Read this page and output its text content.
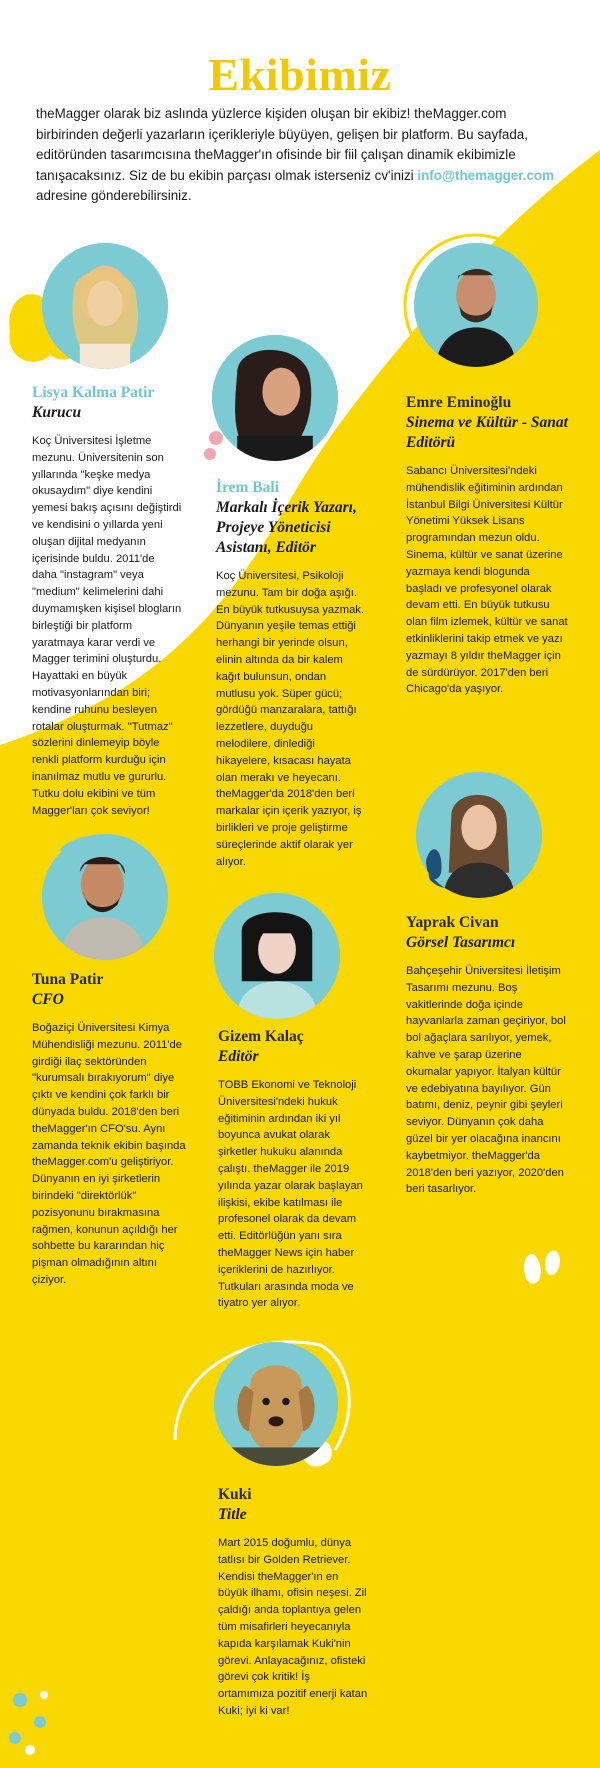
Ekibimiz

theMagger olarak biz aslında yüzlerce kişiden oluşan bir ekibiz! theMagger.com birbirinden değerli yazarların içerikleriyle büyüyen, gelişen bir platform. Bu sayfada, editöründen tasarımcısına theMagger'ın ofisinde bir fiil çalışan dinamik ekibimizle tanışacaksınız. Siz de bu ekibin parçası olmak isterseniz cv'inizi info@themagger.com adresine gönderebilirsiniz.

Lisya Kalma Patir
Kurucu
Koç Üniversitesi İşletme mezunu. Üniversitenin son yıllarında "keşke medya okusaydım" diye kendini yemesi bakış açısını değiştirdi ve kendisini o yıllarda yeni oluşan dijital medyanın içerisinde buldu. 2011'de daha "instagram" veya "medium" kelimelerini dahi duymamışken kişisel blogların birleştiği bir platform yaratmaya karar verdi ve Magger terimini oluşturdu. Hayattaki en büyük motivasyonlarından biri; kendine ruhunu besleyen rotalar oluşturmak. "Tutmaz" sözlerini dinlemeyip böyle renkli platform kurduğu için inanılmaz mutlu ve gururlu. Tutku dolu ekibini ve tüm Magger'ları çok seviyor!
İrem Bali
Markalı İçerik Yazarı, Projeye Yöneticisi Asistanı, Editör
Koç Üniversitesi, Psikoloji mezunu. Tam bir doğa aşığı. En büyük tutkusuysa yazmak. Dünyanın yeşile temas ettiği herhangi bir yerinde olsun, elinin altında da bir kalem kağıt bulunsun, ondan mutlusu yok. Süper gücü; gördüğü manzaralara, tattığı lezzetlere, duyduğu melodilere, dinlediği hikayelere, kısacası hayata olan merakı ve heyecanı. theMagger'da 2018'den beri markalar için içerik yazıyor, iş birlikleri ve proje geliştirme süreçlerinde aktif olarak yer alıyor.
Emre Eminoğlu
Sinema ve Kültür - Sanat Editörü
Sabancı Üniversitesi'ndeki mühendislik eğitiminin ardından İstanbul Bilgi Üniversitesi Kültür Yönetimi Yüksek Lisans programından mezun oldu. Sinema, kültür ve sanat üzerine yazmaya kendi blogunda başladı ve profesyonel olarak devam etti. En büyük tutkusu olan film izlemek, kültür ve sanat etkinliklerini takip etmek ve yazı yazmayı 8 yıldır theMagger için de sürdürüyor. 2017'den beri Chicago'da yaşıyor.
Tuna Patir
CFO
Boğaziçi Üniversitesi Kimya Mühendisliği mezunu. 2011'de girdiği ilaç sektöründen "kurumsalı bırakıyorum" diye çıktı ve kendini çok farklı bir dünyada buldu. 2018'den beri theMagger'ın CFO'su. Aynı zamanda teknik ekibin başında theMagger.com'u geliştiriyor. Dünyanın en iyi şirketlerin birindeki "direktörlük" pozisyonunu bırakmasına rağmen, konunun açıldığı her sohbette bu kararından hiç pişman olmadığının altını çiziyor.
Gizem Kalaç
Editör
TOBB Ekonomi ve Teknoloji Üniversitesi'ndeki hukuk eğitiminin ardından iki yıl boyunca avukat olarak şirketler hukuku alanında çalıştı. theMagger ile 2019 yılında yazar olarak başlayan ilişkisi, ekibe katılması ile profesonel olarak da devam etti. Editörlüğün yanı sıra theMagger News için haber içeriklerini de hazırlıyor. Tutkuları arasında moda ve tiyatro yer alıyor.
Yaprak Civan
Görsel Tasarımcı
Bahçeşehir Üniversitesi İletişim Tasarımı mezunu. Boş vakitlerinde doğa içinde hayvanlarla zaman geçiriyor, bol bol ağaçlara sarılıyor, yemek, kahve ve şarap üzerine okumalar yapıyor. İtalyan kültür ve edebiyatına bayılıyor. Gün batımı, deniz, peynir gibi şeyleri seviyor. Dünyanın çok daha güzel bir yer olacağına inancını kaybetmiyor. theMagger'da 2018'den beri yazıyor, 2020'den beri tasarlıyor.
Kuki
Title
Mart 2015 doğumlu, dünya tatlısı bir Golden Retriever. Kendisi theMagger'ın en büyük ilhamı, ofisin neşesi. Zil çaldığı anda toplantıya gelen tüm misafirleri heyecanıyla kapıda karşılamak Kuki'nin görevi. Anlayacağınız, ofisteki görevi çok kritik! İş ortamımıza pozitif enerji katan Kuki; iyi ki var!
